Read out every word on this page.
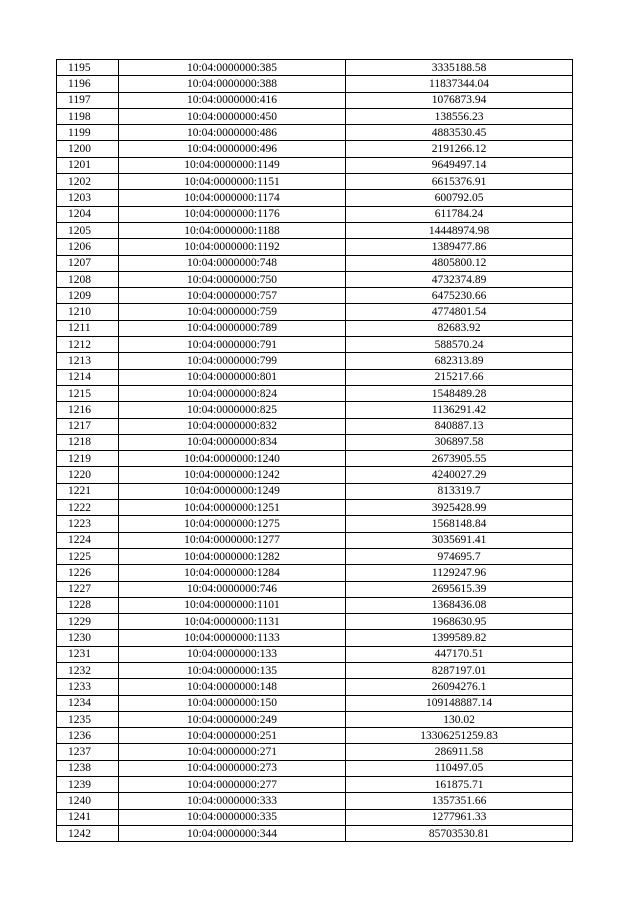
1195	10:04:0000000:385	3335188.58
1196	10:04:0000000:388	11837344.04
1197	10:04:0000000:416	1076873.94
1198	10:04:0000000:450	138556.23
1199	10:04:0000000:486	4883530.45
1200	10:04:0000000:496	2191266.12
1201	10:04:0000000:1149	9649497.14
1202	10:04:0000000:1151	6615376.91
1203	10:04:0000000:1174	600792.05
1204	10:04:0000000:1176	611784.24
1205	10:04:0000000:1188	14448974.98
1206	10:04:0000000:1192	1389477.86
1207	10:04:0000000:748	4805800.12
1208	10:04:0000000:750	4732374.89
1209	10:04:0000000:757	6475230.66
1210	10:04:0000000:759	4774801.54
1211	10:04:0000000:789	82683.92
1212	10:04:0000000:791	588570.24
1213	10:04:0000000:799	682313.89
1214	10:04:0000000:801	215217.66
1215	10:04:0000000:824	1548489.28
1216	10:04:0000000:825	1136291.42
1217	10:04:0000000:832	840887.13
1218	10:04:0000000:834	306897.58
1219	10:04:0000000:1240	2673905.55
1220	10:04:0000000:1242	4240027.29
1221	10:04:0000000:1249	813319.7
1222	10:04:0000000:1251	3925428.99
1223	10:04:0000000:1275	1568148.84
1224	10:04:0000000:1277	3035691.41
1225	10:04:0000000:1282	974695.7
1226	10:04:0000000:1284	1129247.96
1227	10:04:0000000:746	2695615.39
1228	10:04:0000000:1101	1368436.08
1229	10:04:0000000:1131	1968630.95
1230	10:04:0000000:1133	1399589.82
1231	10:04:0000000:133	447170.51
1232	10:04:0000000:135	8287197.01
1233	10:04:0000000:148	26094276.1
1234	10:04:0000000:150	109148887.14
1235	10:04:0000000:249	130.02
1236	10:04:0000000:251	13306251259.83
1237	10:04:0000000:271	286911.58
1238	10:04:0000000:273	110497.05
1239	10:04:0000000:277	161875.71
1240	10:04:0000000:333	1357351.66
1241	10:04:0000000:335	1277961.33
1242	10:04:0000000:344	85703530.81
